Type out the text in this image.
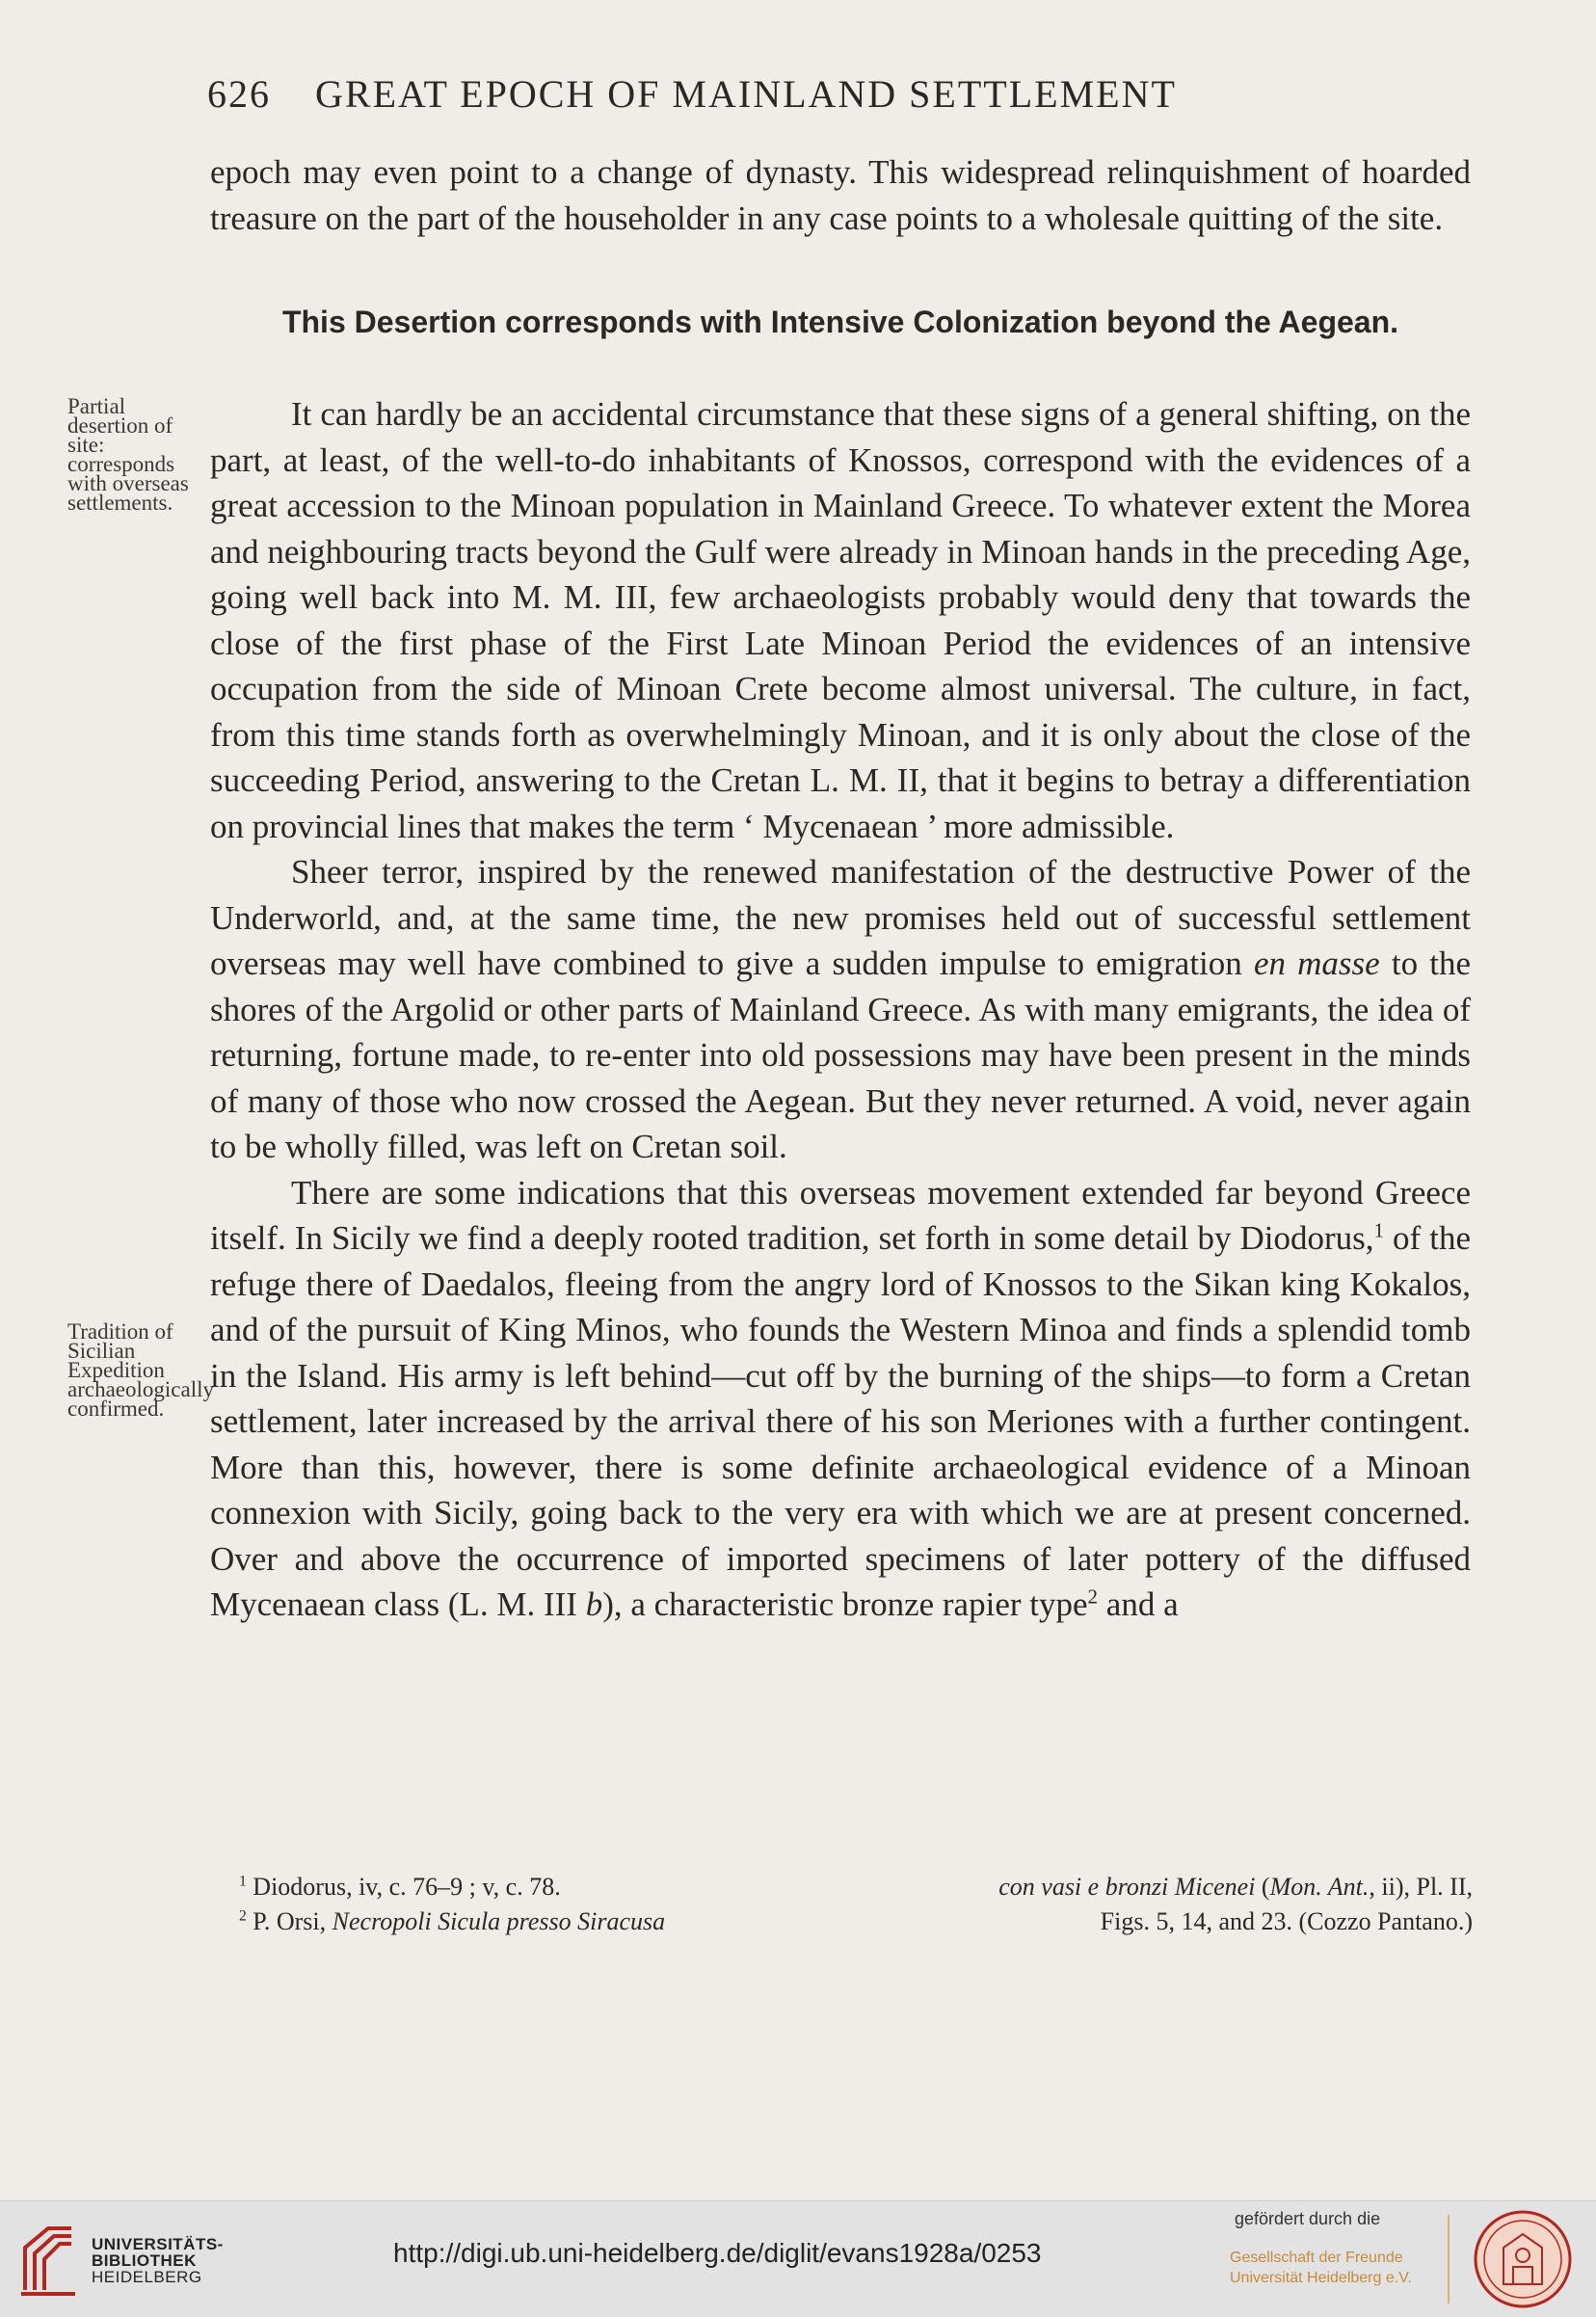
626 GREAT EPOCH OF MAINLAND SETTLEMENT

epoch may even point to a change of dynasty. This widespread relinquishment of hoarded treasure on the part of the householder in any case points to a wholesale quitting of the site.

This Desertion corresponds with Intensive Colonization beyond the Aegean.

It can hardly be an accidental circumstance that these signs of a general shifting, on the part, at least, of the well-to-do inhabitants of Knossos, correspond with the evidences of a great accession to the Minoan population in Mainland Greece. To whatever extent the Morea and neighbouring tracts beyond the Gulf were already in Minoan hands in the preceding Age, going well back into M. M. III, few archaeologists probably would deny that towards the close of the first phase of the First Late Minoan Period the evidences of an intensive occupation from the side of Minoan Crete become almost universal. The culture, in fact, from this time stands forth as overwhelmingly Minoan, and it is only about the close of the succeeding Period, answering to the Cretan L. M. II, that it begins to betray a differentiation on provincial lines that makes the term ‘ Mycenaean ’ more admissible.

Sheer terror, inspired by the renewed manifestation of the destructive Power of the Underworld, and, at the same time, the new promises held out of successful settlement overseas may well have combined to give a sudden impulse to emigration en masse to the shores of the Argolid or other parts of Mainland Greece. As with many emigrants, the idea of returning, fortune made, to re-enter into old possessions may have been present in the minds of many of those who now crossed the Aegean. But they never returned. A void, never again to be wholly filled, was left on Cretan soil.

There are some indications that this overseas movement extended far beyond Greece itself. In Sicily we find a deeply rooted tradition, set forth in some detail by Diodorus,$^1$ of the refuge there of Daedalos, fleeing from the angry lord of Knossos to the Sikan king Kokalos, and of the pursuit of King Minos, who founds the Western Minoa and finds a splendid tomb in the Island. His army is left behind—cut off by the burning of the ships—to form a Cretan settlement, later increased by the arrival there of his son Meriones with a further contingent. More than this, however, there is some definite archaeological evidence of a Minoan connexion with Sicily, going back to the very era with which we are at present concerned. Over and above the occurrence of imported specimens of later pottery of the diffused Mycenaean class (L. M. III b), a characteristic bronze rapier type$^2$ and a

Partial desertion of site: corresponds with overseas settlements.
Tradition of Sicilian Expedition archaeologically confirmed.
$^1$ Diodorus, iv, c. 76–9 ; v, c. 78.	con vasi e bronzi Micenei (Mon. Ant., ii), Pl. II,
$^2$ P. Orsi, Necropoli Sicula presso Siracusa	Figs. 5, 14, and 23. (Cozzo Pantano.)
UNIVERSITÄTS-
BIBLIOTHEK
HEIDELBERG
http://digi.ub.uni-heidelberg.de/diglit/evans1928a/0253
gefördert durch die
Gesellschaft der Freunde
Universität Heidelberg e.V.
